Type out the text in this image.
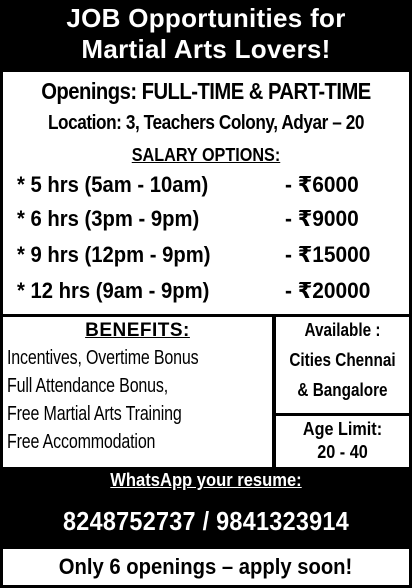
JOB Opportunities for
Martial Arts Lovers!
Openings: FULL-TIME & PART-TIME
Location: 3, Teachers Colony, Adyar – 20
SALARY OPTIONS:
* 5 hrs (5am - 10am)	- ₹6000
* 6 hrs (3pm - 9pm)	- ₹9000
* 9 hrs (12pm - 9pm)	- ₹15000
* 12 hrs (9am - 9pm)	- ₹20000
BENEFITS:
Incentives, Overtime Bonus
Full Attendance Bonus,
Free Martial Arts Training
Free Accommodation
Available :
Cities Chennai
& Bangalore
Age Limit:
20 - 40
WhatsApp your resume:
8248752737 / 9841323914
Only 6 openings – apply soon!
